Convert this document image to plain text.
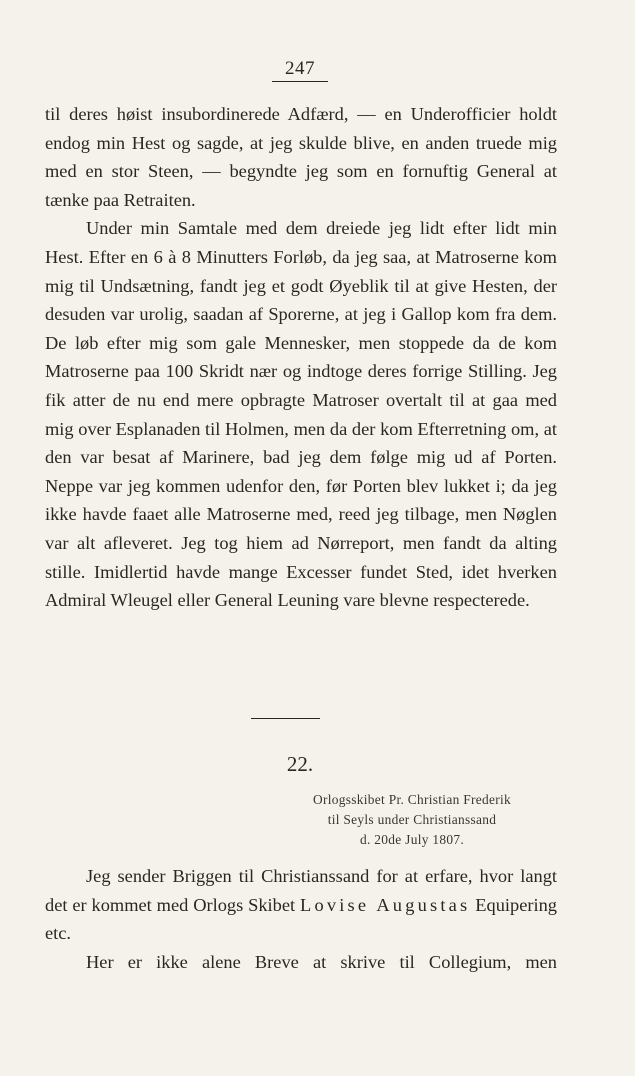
247

til deres høist insubordinerede Adfærd, — en Underofficier holdt endog min Hest og sagde, at jeg skulde blive, en anden truede mig med en stor Steen, — begyndte jeg som en fornuftig General at tænke paa Retraiten.

Under min Samtale med dem dreiede jeg lidt efter lidt min Hest. Efter en 6 à 8 Minutters Forløb, da jeg saa, at Matroserne kom mig til Undsætning, fandt jeg et godt Øyeblik til at give Hesten, der desuden var urolig, saadan af Sporerne, at jeg i Gallop kom fra dem. De løb efter mig som gale Mennesker, men stoppede da de kom Matroserne paa 100 Skridt nær og indtoge deres forrige Stilling. Jeg fik atter de nu end mere opbragte Matroser overtalt til at gaa med mig over Esplanaden til Holmen, men da der kom Efterretning om, at den var besat af Marinere, bad jeg dem følge mig ud af Porten. Neppe var jeg kommen udenfor den, før Porten blev lukket i; da jeg ikke havde faaet alle Matroserne med, reed jeg tilbage, men Nøglen var alt afleveret. Jeg tog hiem ad Nørreport, men fandt da alting stille. Imidlertid havde mange Excesser fundet Sted, idet hverken Admiral Wleugel eller General Leuning vare blevne respecterede.

22.
Orlogsskibet Pr. Christian Frederik
til Seyls under Christianssand
d. 20de July 1807.

Jeg sender Briggen til Christianssand for at erfare, hvor langt det er kommet med Orlogs Skibet Lovise Augustas Equipering etc.

Her er ikke alene Breve at skrive til Collegium, men
